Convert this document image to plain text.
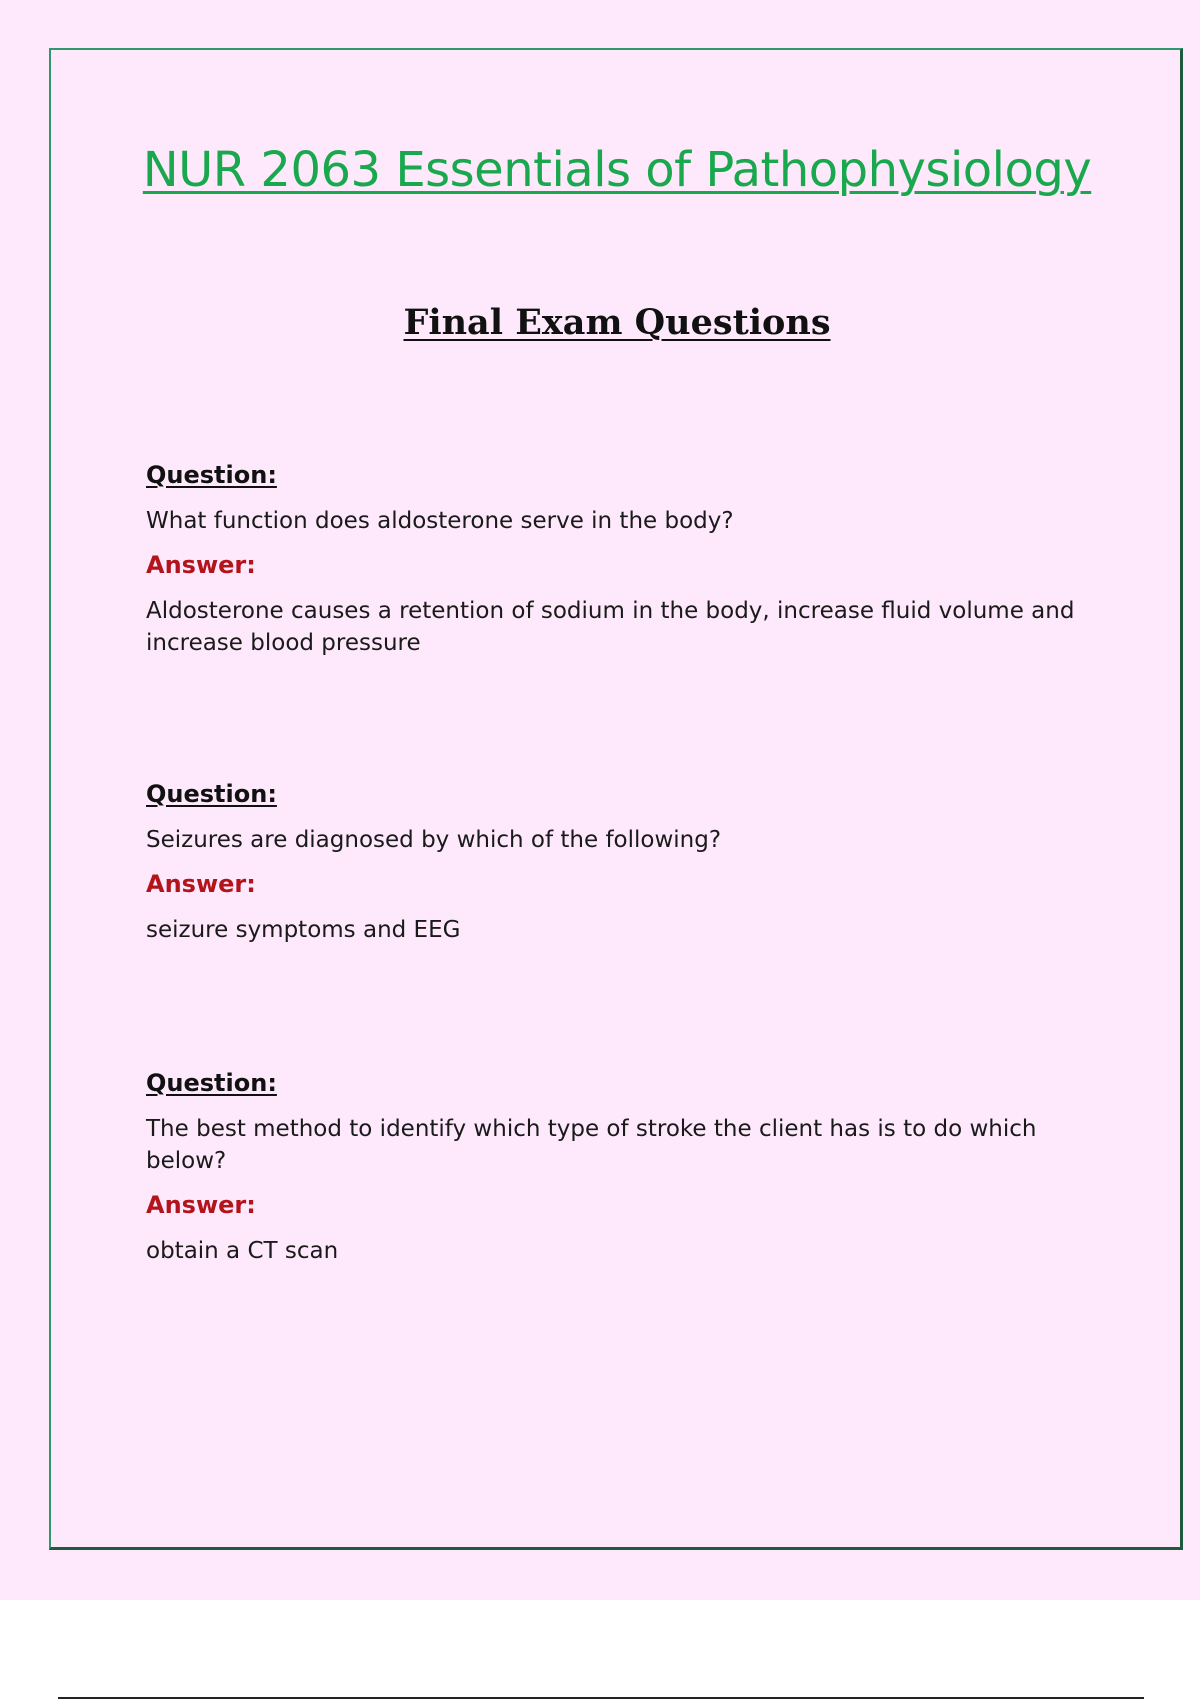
NUR 2063 Essentials of Pathophysiology
Final Exam Questions
Question:
What function does aldosterone serve in the body?
Answer:
Aldosterone causes a retention of sodium in the body, increase fluid volume and increase blood pressure
Question:
Seizures are diagnosed by which of the following?
Answer:
seizure symptoms and EEG
Question:
The best method to identify which type of stroke the client has is to do which below?
Answer:
obtain a CT scan
